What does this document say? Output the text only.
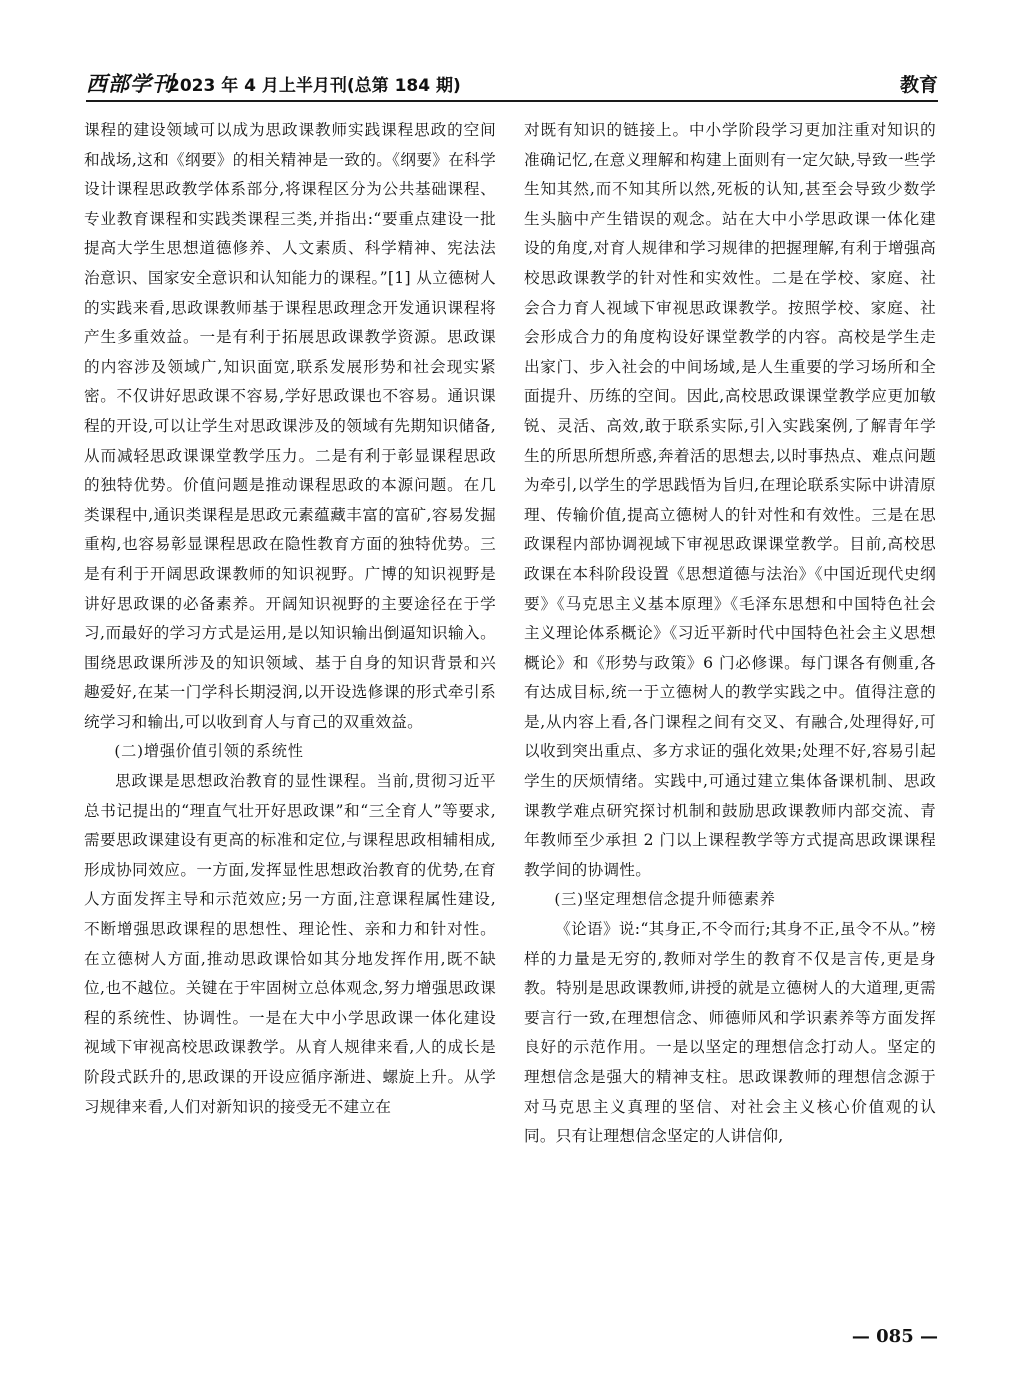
西部学刊
2023 年 4 月上半月刊(总第 184 期)	教育

课程的建设领域可以成为思政课教师实践课程思政的空间和战场,这和《纲要》的相关精神是一致的。《纲要》在科学设计课程思政教学体系部分,将课程区分为公共基础课程、专业教育课程和实践类课程三类,并指出:“要重点建设一批提高大学生思想道德修养、人文素质、科学精神、宪法法治意识、国家安全意识和认知能力的课程。”[1] 从立德树人的实践来看,思政课教师基于课程思政理念开发通识课程将产生多重效益。一是有利于拓展思政课教学资源。思政课的内容涉及领域广,知识面宽,联系发展形势和社会现实紧密。不仅讲好思政课不容易,学好思政课也不容易。通识课程的开设,可以让学生对思政课涉及的领域有先期知识储备,从而减轻思政课课堂教学压力。二是有利于彰显课程思政的独特优势。价值问题是推动课程思政的本源问题。在几类课程中,通识类课程是思政元素蕴藏丰富的富矿,容易发掘重构,也容易彰显课程思政在隐性教育方面的独特优势。三是有利于开阔思政课教师的知识视野。广博的知识视野是讲好思政课的必备素养。开阔知识视野的主要途径在于学习,而最好的学习方式是运用,是以知识输出倒逼知识输入。围绕思政课所涉及的知识领域、基于自身的知识背景和兴趣爱好,在某一门学科长期浸润,以开设选修课的形式牵引系统学习和输出,可以收到育人与育己的双重效益。

(二)增强价值引领的系统性

思政课是思想政治教育的显性课程。当前,贯彻习近平总书记提出的“理直气壮开好思政课”和“三全育人”等要求,需要思政课建设有更高的标准和定位,与课程思政相辅相成,形成协同效应。一方面,发挥显性思想政治教育的优势,在育人方面发挥主导和示范效应;另一方面,注意课程属性建设,不断增强思政课程的思想性、理论性、亲和力和针对性。在立德树人方面,推动思政课恰如其分地发挥作用,既不缺位,也不越位。关键在于牢固树立总体观念,努力增强思政课程的系统性、协调性。一是在大中小学思政课一体化建设视域下审视高校思政课教学。从育人规律来看,人的成长是阶段式跃升的,思政课的开设应循序渐进、螺旋上升。从学习规律来看,人们对新知识的接受无不建立在

对既有知识的链接上。中小学阶段学习更加注重对知识的准确记忆,在意义理解和构建上面则有一定欠缺,导致一些学生知其然,而不知其所以然,死板的认知,甚至会导致少数学生头脑中产生错误的观念。站在大中小学思政课一体化建设的角度,对育人规律和学习规律的把握理解,有利于增强高校思政课教学的针对性和实效性。二是在学校、家庭、社会合力育人视域下审视思政课教学。按照学校、家庭、社会形成合力的角度构设好课堂教学的内容。高校是学生走出家门、步入社会的中间场域,是人生重要的学习场所和全面提升、历练的空间。因此,高校思政课课堂教学应更加敏锐、灵活、高效,敢于联系实际,引入实践案例,了解青年学生的所思所想所惑,奔着活的思想去,以时事热点、难点问题为牵引,以学生的学思践悟为旨归,在理论联系实际中讲清原理、传输价值,提高立德树人的针对性和有效性。三是在思政课程内部协调视域下审视思政课课堂教学。目前,高校思政课在本科阶段设置《思想道德与法治》《中国近现代史纲要》《马克思主义基本原理》《毛泽东思想和中国特色社会主义理论体系概论》《习近平新时代中国特色社会主义思想概论》和《形势与政策》6 门必修课。每门课各有侧重,各有达成目标,统一于立德树人的教学实践之中。值得注意的是,从内容上看,各门课程之间有交叉、有融合,处理得好,可以收到突出重点、多方求证的强化效果;处理不好,容易引起学生的厌烦情绪。实践中,可通过建立集体备课机制、思政课教学难点研究探讨机制和鼓励思政课教师内部交流、青年教师至少承担 2 门以上课程教学等方式提高思政课课程教学间的协调性。

(三)坚定理想信念提升师德素养

《论语》说:“其身正,不令而行;其身不正,虽令不从。”榜样的力量是无穷的,教师对学生的教育不仅是言传,更是身教。特别是思政课教师,讲授的就是立德树人的大道理,更需要言行一致,在理想信念、师德师风和学识素养等方面发挥良好的示范作用。一是以坚定的理想信念打动人。坚定的理想信念是强大的精神支柱。思政课教师的理想信念源于对马克思主义真理的坚信、对社会主义核心价值观的认同。只有让理想信念坚定的人讲信仰,

— 085 —
